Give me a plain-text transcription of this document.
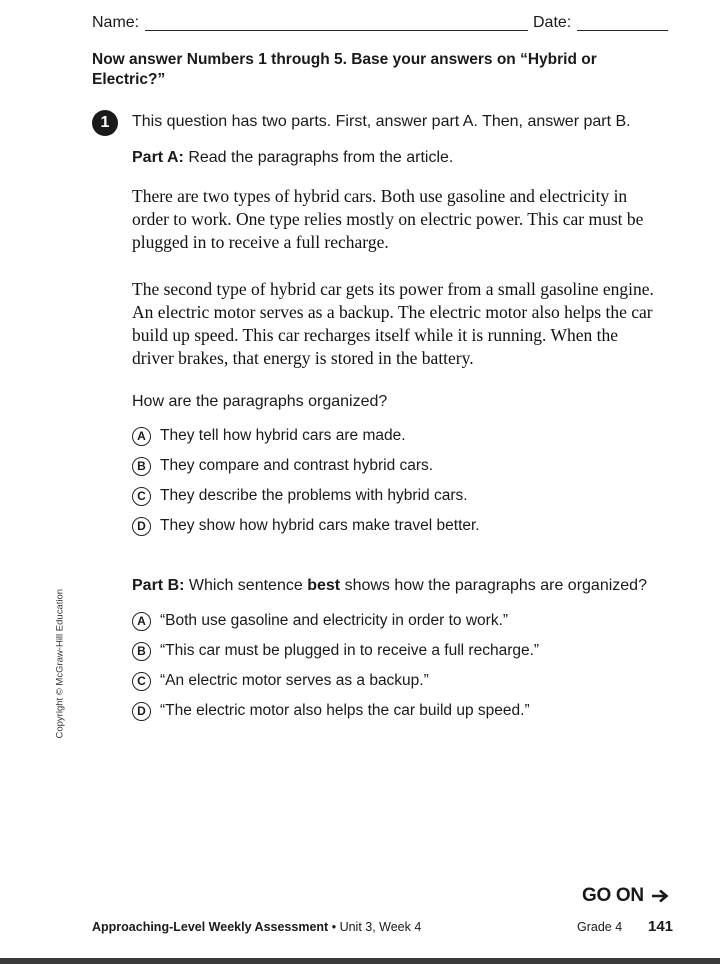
Name:	Date:
Now answer Numbers 1 through 5. Base your answers on “Hybrid or Electric?”
1	This question has two parts. First, answer part A. Then, answer part B.
Part A: Read the paragraphs from the article.
There are two types of hybrid cars. Both use gasoline and electricity in order to work. One type relies mostly on electric power. This car must be plugged in to receive a full recharge.
The second type of hybrid car gets its power from a small gasoline engine. An electric motor serves as a backup. The electric motor also helps the car build up speed. This car recharges itself while it is running. When the driver brakes, that energy is stored in the battery.
How are the paragraphs organized?
A They tell how hybrid cars are made.
B They compare and contrast hybrid cars.
C They describe the problems with hybrid cars.
D They show how hybrid cars make travel better.
Part B: Which sentence best shows how the paragraphs are organized?
A “Both use gasoline and electricity in order to work.”
B “This car must be plugged in to receive a full recharge.”
C “An electric motor serves as a backup.”
D “The electric motor also helps the car build up speed.”
Copyright © McGraw-Hill Education
GO ON
Approaching-Level Weekly Assessment • Unit 3, Week 4	Grade 4 141
